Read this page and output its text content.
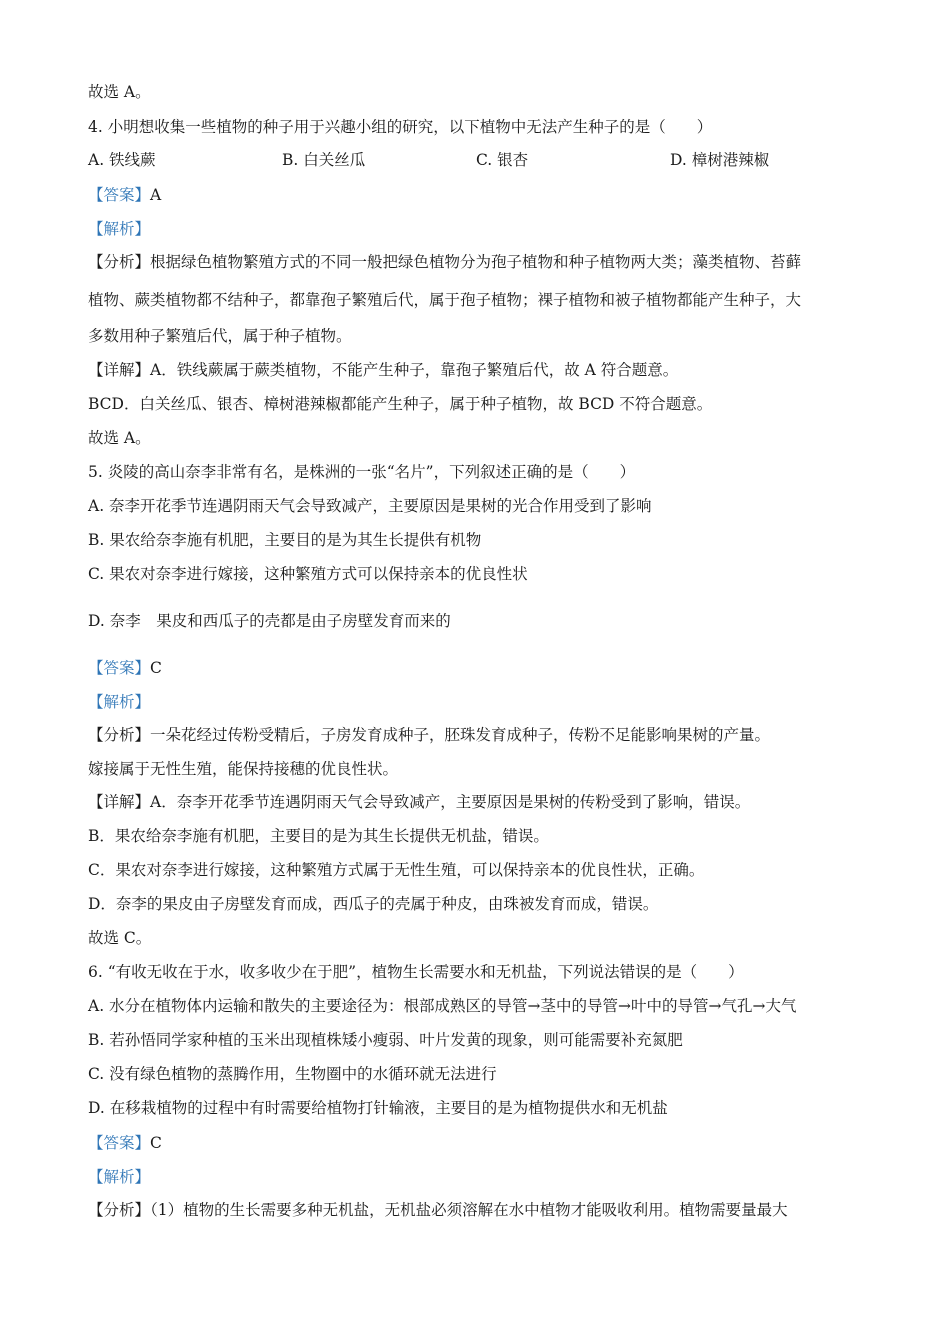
故选 A。
4. 小明想收集一些植物的种子用于兴趣小组的研究，以下植物中无法产生种子的是（　　）
A. 铁线蕨	B. 白关丝瓜	C. 银杏	D. 樟树港辣椒
【答案】A
【解析】
【分析】根据绿色植物繁殖方式的不同一般把绿色植物分为孢子植物和种子植物两大类；藻类植物、苔藓
植物、蕨类植物都不结种子，都靠孢子繁殖后代，属于孢子植物；裸子植物和被子植物都能产生种子，大
多数用种子繁殖后代，属于种子植物。
【详解】A．铁线蕨属于蕨类植物，不能产生种子，靠孢子繁殖后代，故 A 符合题意。
BCD．白关丝瓜、银杏、樟树港辣椒都能产生种子，属于种子植物，故 BCD 不符合题意。
故选 A。
5. 炎陵的高山奈李非常有名，是株洲的一张“名片”，下列叙述正确的是（　　）
A. 奈李开花季节连遇阴雨天气会导致减产，主要原因是果树的光合作用受到了影响
B. 果农给奈李施有机肥，主要目的是为其生长提供有机物
C. 果农对奈李进行嫁接，这种繁殖方式可以保持亲本的优良性状
D. 奈李　果皮和西瓜子的壳都是由子房壁发育而来的
【答案】C
【解析】
【分析】一朵花经过传粉受精后，子房发育成种子，胚珠发育成种子，传粉不足能影响果树的产量。
嫁接属于无性生殖，能保持接穗的优良性状。
【详解】A．奈李开花季节连遇阴雨天气会导致减产，主要原因是果树的传粉受到了影响，错误。
B．果农给奈李施有机肥，主要目的是为其生长提供无机盐，错误。
C．果农对奈李进行嫁接，这种繁殖方式属于无性生殖，可以保持亲本的优良性状，正确。
D．奈李的果皮由子房壁发育而成，西瓜子的壳属于种皮，由珠被发育而成，错误。
故选 C。
6. “有收无收在于水，收多收少在于肥”，植物生长需要水和无机盐，下列说法错误的是（　　）
A. 水分在植物体内运输和散失的主要途径为：根部成熟区的导管→茎中的导管→叶中的导管→气孔→大气
B. 若孙悟同学家种植的玉米出现植株矮小瘦弱、叶片发黄的现象，则可能需要补充氮肥
C. 没有绿色植物的蒸腾作用，生物圈中的水循环就无法进行
D. 在移栽植物的过程中有时需要给植物打针输液，主要目的是为植物提供水和无机盐
【答案】C
【解析】
【分析】（1）植物的生长需要多种无机盐，无机盐必须溶解在水中植物才能吸收利用。植物需要量最大
